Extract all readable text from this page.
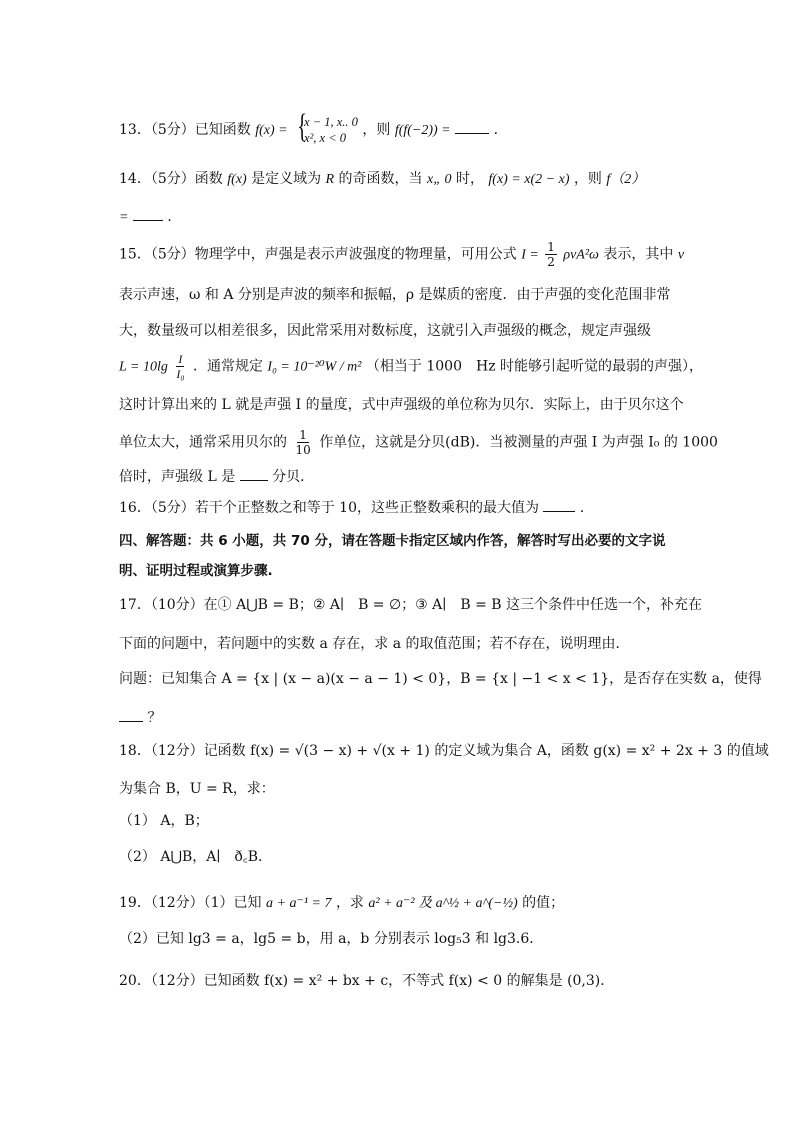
13．（5分）已知函数 f(x) = {
x − 1, x.. 0
x², x < 0	，则 f(f(−2)) =	．
14．（5分）函数 f(x) 是定义域为 R 的奇函数，当 x„ 0 时， f(x) = x(2 − x) ，则 f（2）
=	．
15．（5分）物理学中，声强是表示声波强度的物理量，可用公式 $I = \frac{1}{2} \rho vA^2\omega$ 表示，其中 v
表示声速，ω 和 A 分别是声波的频率和振幅，ρ 是媒质的密度．由于声强的变化范围非常
大，数量级可以相差很多，因此常采用对数标度，这就引入声强级的概念，规定声强级
$L = 10\lg \frac{I}{\text{I₀}}$ ．通常规定 I₀ = 10⁻²⁰W / m² （相当于 1000　Hz 时能够引起听觉的最弱的声强），
这时计算出来的 L 就是声强 I 的量度，式中声强级的单位称为贝尔．实际上，由于贝尔这个
单位太大，通常采用贝尔的 $\frac{1}{10}$ 作单位，这就是分贝(dB)．当被测量的声强 I 为声强 I₀ 的 1000
倍时，声强级 L 是	分贝．
16．（5分）若干个正整数之和等于 10，这些正整数乘积的最大值为	．
四、解答题：共 6 小题，共 70 分，请在答题卡指定区域内作答，解答时写出必要的文字说
明、证明过程或演算步骤.
17．（10分）在① A⋃B = B；② A∣　B = ∅；③ A∣　B = B 这三个条件中任选一个，补充在
下面的问题中，若问题中的实数 a 存在，求 a 的取值范围；若不存在，说明理由．
问题：已知集合 A = {x | (x − a)(x − a − 1) < 0}，B = {x | −1 < x < 1}，是否存在实数 a，使得
？
18．（12分）记函数 f(x) = √(3 − x) + √(x + 1) 的定义域为集合 A，函数 g(x) = x² + 2x + 3 的值域
为集合 B，U = R，求：
（1） A，B；
（2） A⋃B，A∣　ð꜀B．
19．（12分）（1）已知 a + a⁻¹ = 7 ，求 a² + a⁻² 及 a^½ + a^(−½) 的值；
（2）已知 lg3 = a，lg5 = b，用 a，b 分别表示 log₅3 和 lg3.6．
20．（12分）已知函数 f(x) = x² + bx + c，不等式 f(x) < 0 的解集是 (0,3)．
